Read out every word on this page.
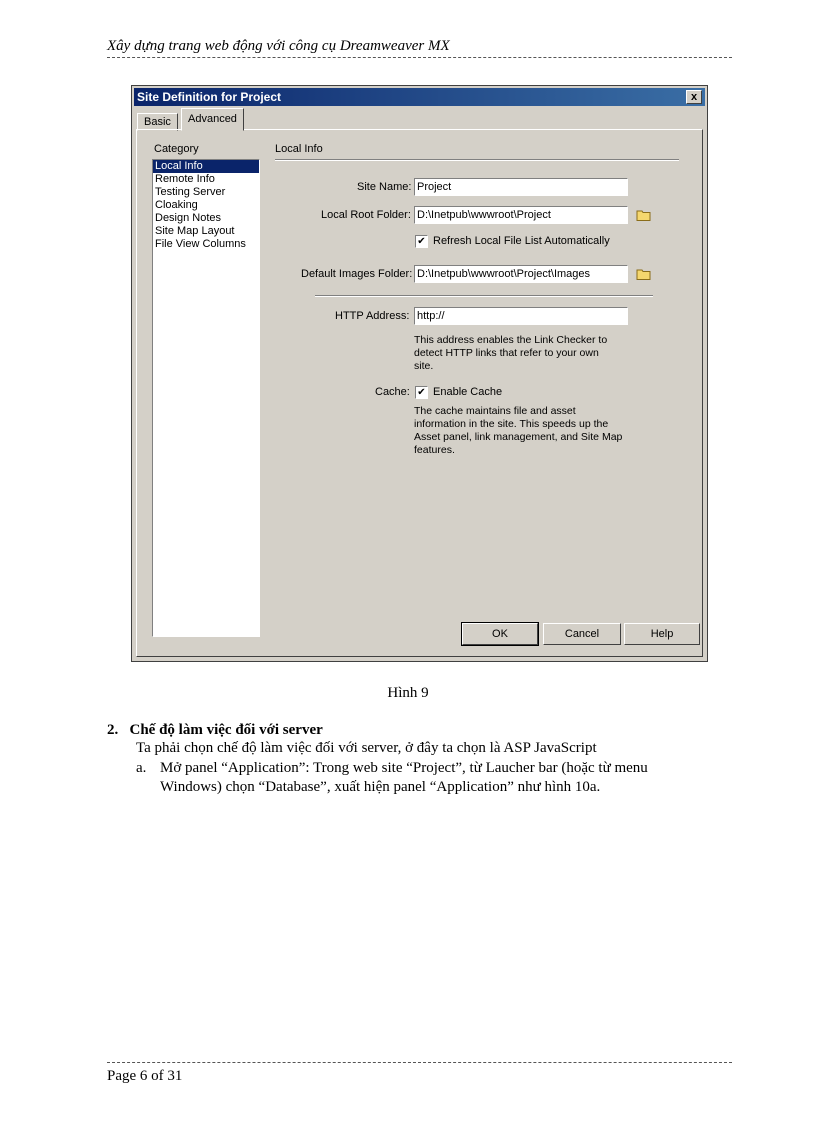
Xây dựng trang web động với công cụ Dreamweaver MX
Site Definition for Project	x
Basic	Advanced
Category
Local Info
Remote Info
Testing Server
Cloaking
Design Notes
Site Map Layout
File View Columns
Local Info
Site Name: Project
Local Root Folder: D:\Inetpub\wwwroot\Project
✔ Refresh Local File List Automatically
Default Images Folder: D:\Inetpub\wwwroot\Project\Images
HTTP Address: http://
This address enables the Link Checker to
detect HTTP links that refer to your own
site.
Cache: ✔ Enable Cache
The cache maintains file and asset
information in the site. This speeds up the
Asset panel, link management, and Site Map
features.
OK	Cancel	Help
Hình 9
2. Chế độ làm việc đối với server
Ta phải chọn chế độ làm việc đối với server, ở đây ta chọn là ASP JavaScript
a. Mở panel “Application”: Trong web site “Project”, từ Laucher bar (hoặc từ menu
Windows) chọn “Database”, xuất hiện panel “Application” như hình 10a.
Page 6 of 31
